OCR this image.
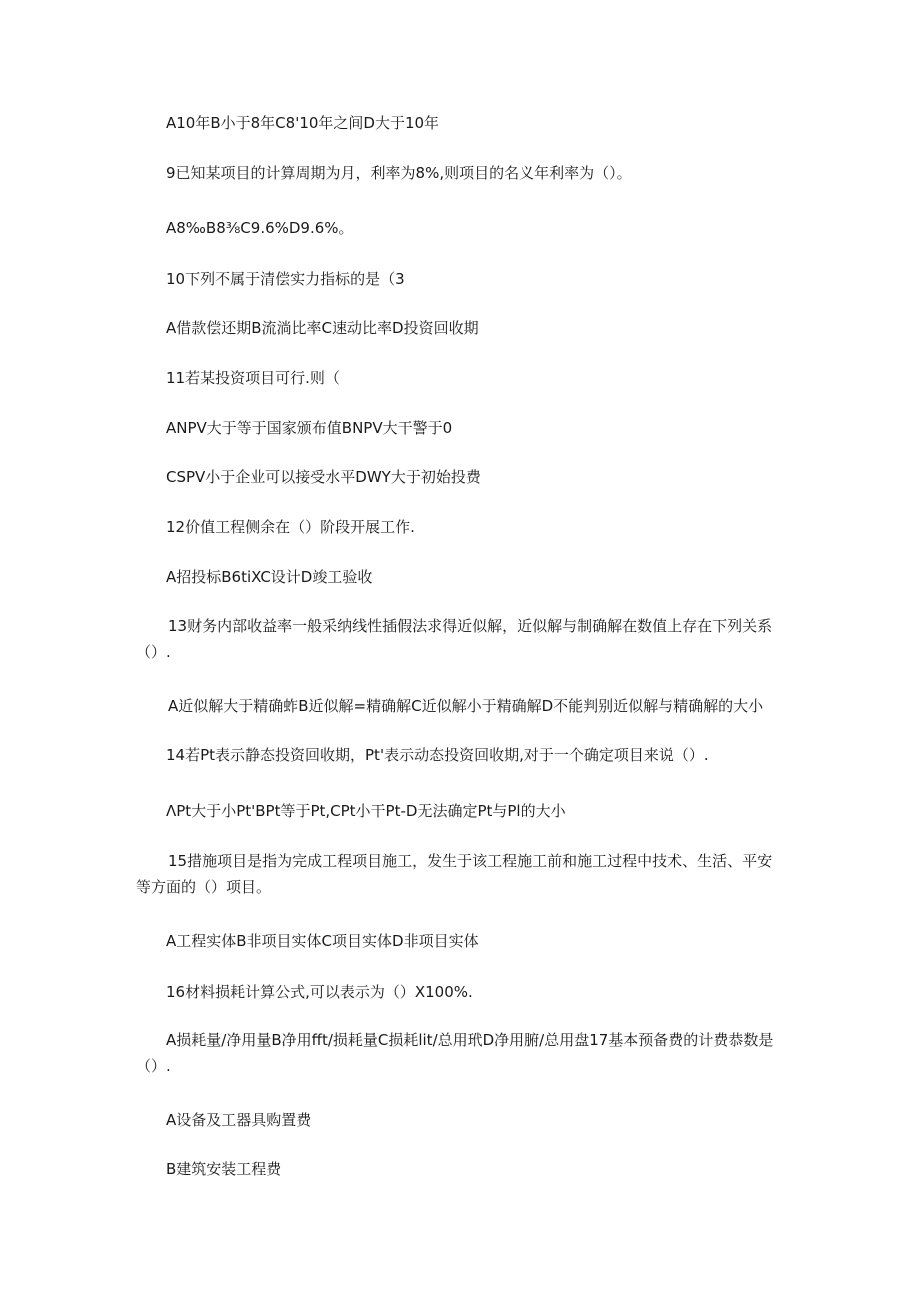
A10年B小于8年C8'10年之间D大于10年
9已知某项目的计算周期为月，利率为8%,则项目的名义年利率为（）。
A8‰B8⅜C9.6%D9.6%。
10下列不属于清偿实力指标的是（3
A借款偿还期B流淌比率C速动比率D投资回收期
11若某投资项目可行.则（
ANPV大于等于国家颁布值BNPV大干警于0
CSPV小于企业可以接受水平DWY大于初始投费
12价值工程侧余在（）阶段开展工作.
A招投标B6tiXC设计D竣工验收
13财务内部收益率一般采纳线性插假法求得近似解，近似解与制确解在数值上存在下列关系（）.
A近似解大于精确蚱B近似解=精确解C近似解小于精确解D不能判别近似解与精确解的大小
14若Pt表示静态投资回收期，Pt'表示动态投资回收期,对于一个确定项目来说（）.
ΛPt大于小Pt'BPt等于Pt,CPt小干Pt-D无法确定Pt与Pl的大小
15措施项目是指为完成工程项目施工，发生于该工程施工前和施工过程中技术、生活、平安等方面的（）项目。
A工程实体B非项目实体C项目实体D非项目实体
16材料损耗计算公式,可以表示为（）X100%.
A损耗量/净用量B净用fft/损耗量C损耗lit/总用玳D净用腑/总用盘17基本预备费的计费恭数是（）.
A设备及工器具购置费
B建筑安装工程费
